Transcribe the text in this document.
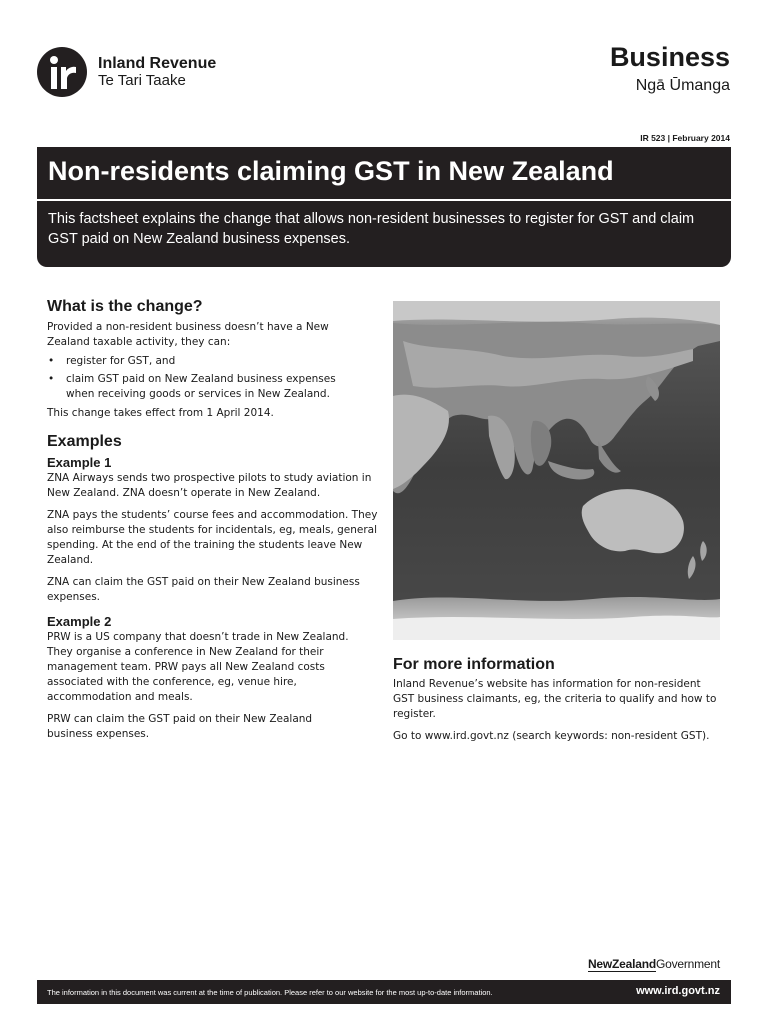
Inland Revenue
Te Tari Taake
Business
Ngā Ūmanga
IR 523 | February 2014
Non-residents claiming GST in New Zealand

This factsheet explains the change that allows non-resident businesses to register for GST and claim GST paid on New Zealand business expenses.

What is the change?

Provided a non-resident business doesn’t have a New Zealand taxable activity, they can:

• register for GST, and
• claim GST paid on New Zealand business expenses when receiving goods or services in New Zealand.

This change takes effect from 1 April 2014.

Examples
Example 1

ZNA Airways sends two prospective pilots to study aviation in New Zealand. ZNA doesn’t operate in New Zealand.

ZNA pays the students’ course fees and accommodation. They also reimburse the students for incidentals, eg, meals, general spending. At the end of the training the students leave New Zealand.

ZNA can claim the GST paid on their New Zealand business expenses.

Example 2

PRW is a US company that doesn’t trade in New Zealand. They organise a conference in New Zealand for their management team. PRW pays all New Zealand costs associated with the conference, eg, venue hire, accommodation and meals.

PRW can claim the GST paid on their New Zealand business expenses.

For more information

Inland Revenue’s website has information for non-resident GST business claimants, eg, the criteria to qualify and how to register.

Go to www.ird.govt.nz (search keywords: non-resident GST).

NewZealandGovernment
The information in this document was current at the time of publication. Please refer to our website for the most up-to-date information.	www.ird.govt.nz
